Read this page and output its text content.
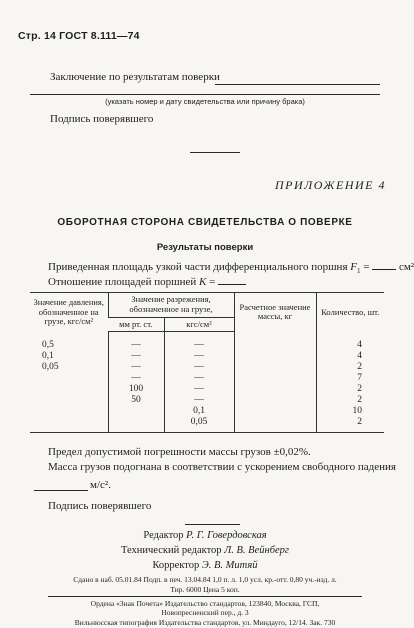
Стр. 14 ГОСТ 8.111—74
Заключение по результатам поверки
(указать номер и дату свидетельства или причину брака)
Подпись поверявшего
ПРИЛОЖЕНИЕ 4
ОБОРОТНАЯ СТОРОНА СВИДЕТЕЛЬСТВА О ПОВЕРКЕ
Результаты поверки
Приведенная площадь узкой части дифференциального поршня $F_1 = см^2$
Отношение площадей поршней K =
Значение давления, обозначенное на грузе, кгс/см²	Значение разрежения, обозначенное на грузе,		Расчетное значение массы, кг	Количество, шт.
	мм рт. ст.	кгс/см²		
0,5	—	—		4
0,1	—	—		4
0,05	—	—		2
	—	—		7
	100	—		2
	50	—		2
		0,1		10
		0,05		2
Предел допустимой погрешности массы грузов ±0,02%.
Масса грузов подогнана в соответствии с ускорением свободного падения
м/с².
Подпись поверявшего
Редактор Р. Г. Говердовская
Технический редактор Л. В. Вейнберг
Корректор Э. В. Митяй
Сдано в наб. 05.01.84 Подп. в печ. 13.04.84 1,0 п. л. 1,0 усл. кр.-отт. 0,80 уч.-изд. л.
Тир. 6000 Цена 5 коп.
Ордена «Знак Почета» Издательство стандартов, 123840, Москва, ГСП,
Новопресненский пер., д. 3
Вильнюсская типография Издательства стандартов, ул. Миндауго, 12/14. Зак. 730
